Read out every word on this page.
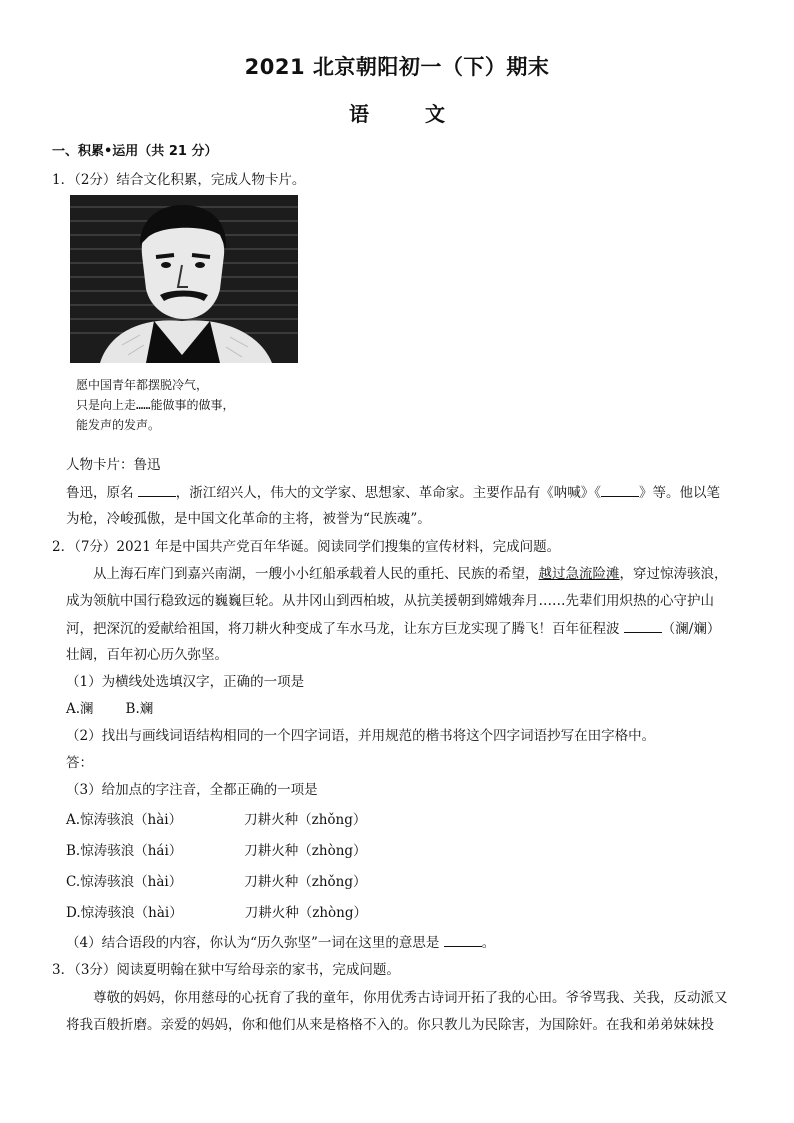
2021 北京朝阳初一（下）期末
语文
一、积累•运用（共 21 分）
1．（2分）结合文化积累，完成人物卡片。
愿中国青年都摆脱冷气，
只是向上走……能做事的做事，
能发声的发声。
人物卡片：鲁迅
鲁迅，原名	，浙江绍兴人，伟大的文学家、思想家、革命家。主要作品有《呐喊》《	》等。他以笔
为枪，冷峻孤傲，是中国文化革命的主将，被誉为“民族魂”。
2．（7分）2021 年是中国共产党百年华诞。阅读同学们搜集的宣传材料，完成问题。
从上海石库门到嘉兴南湖，一艘小小红船承载着人民的重托、民族的希望，越过急流险滩，穿过惊涛骇浪，
成为领航中国行稳致远的巍巍巨轮。从井冈山到西柏坡，从抗美援朝到嫦娥奔月……先辈们用炽热的心守护山
河，把深沉的爱献给祖国，将刀耕火种变成了车水马龙，让东方巨龙实现了腾飞！百年征程波	（澜/斓）
壮阔，百年初心历久弥坚。
（1）为横线处选填汉字，正确的一项是
A.澜 B.斓
（2）找出与画线词语结构相同的一个四字词语，并用规范的楷书将这个四字词语抄写在田字格中。
答：
（3）给加点的字注音，全都正确的一项是
A.惊涛骇浪（hài）	刀耕火种（zhǒng）
B.惊涛骇浪（hái）	刀耕火种（zhòng）
C.惊涛骇浪（hài）	刀耕火种（zhǒng）
D.惊涛骇浪（hài）	刀耕火种（zhòng）
（4）结合语段的内容，你认为“历久弥坚”一词在这里的意思是	。
3．（3分）阅读夏明翰在狱中写给母亲的家书，完成问题。
尊敬的妈妈，你用慈母的心抚育了我的童年，你用优秀古诗词开拓了我的心田。爷爷骂我、关我，反动派又
将我百般折磨。亲爱的妈妈，你和他们从来是格格不入的。你只教儿为民除害，为国除奸。在我和弟弟妹妹投
